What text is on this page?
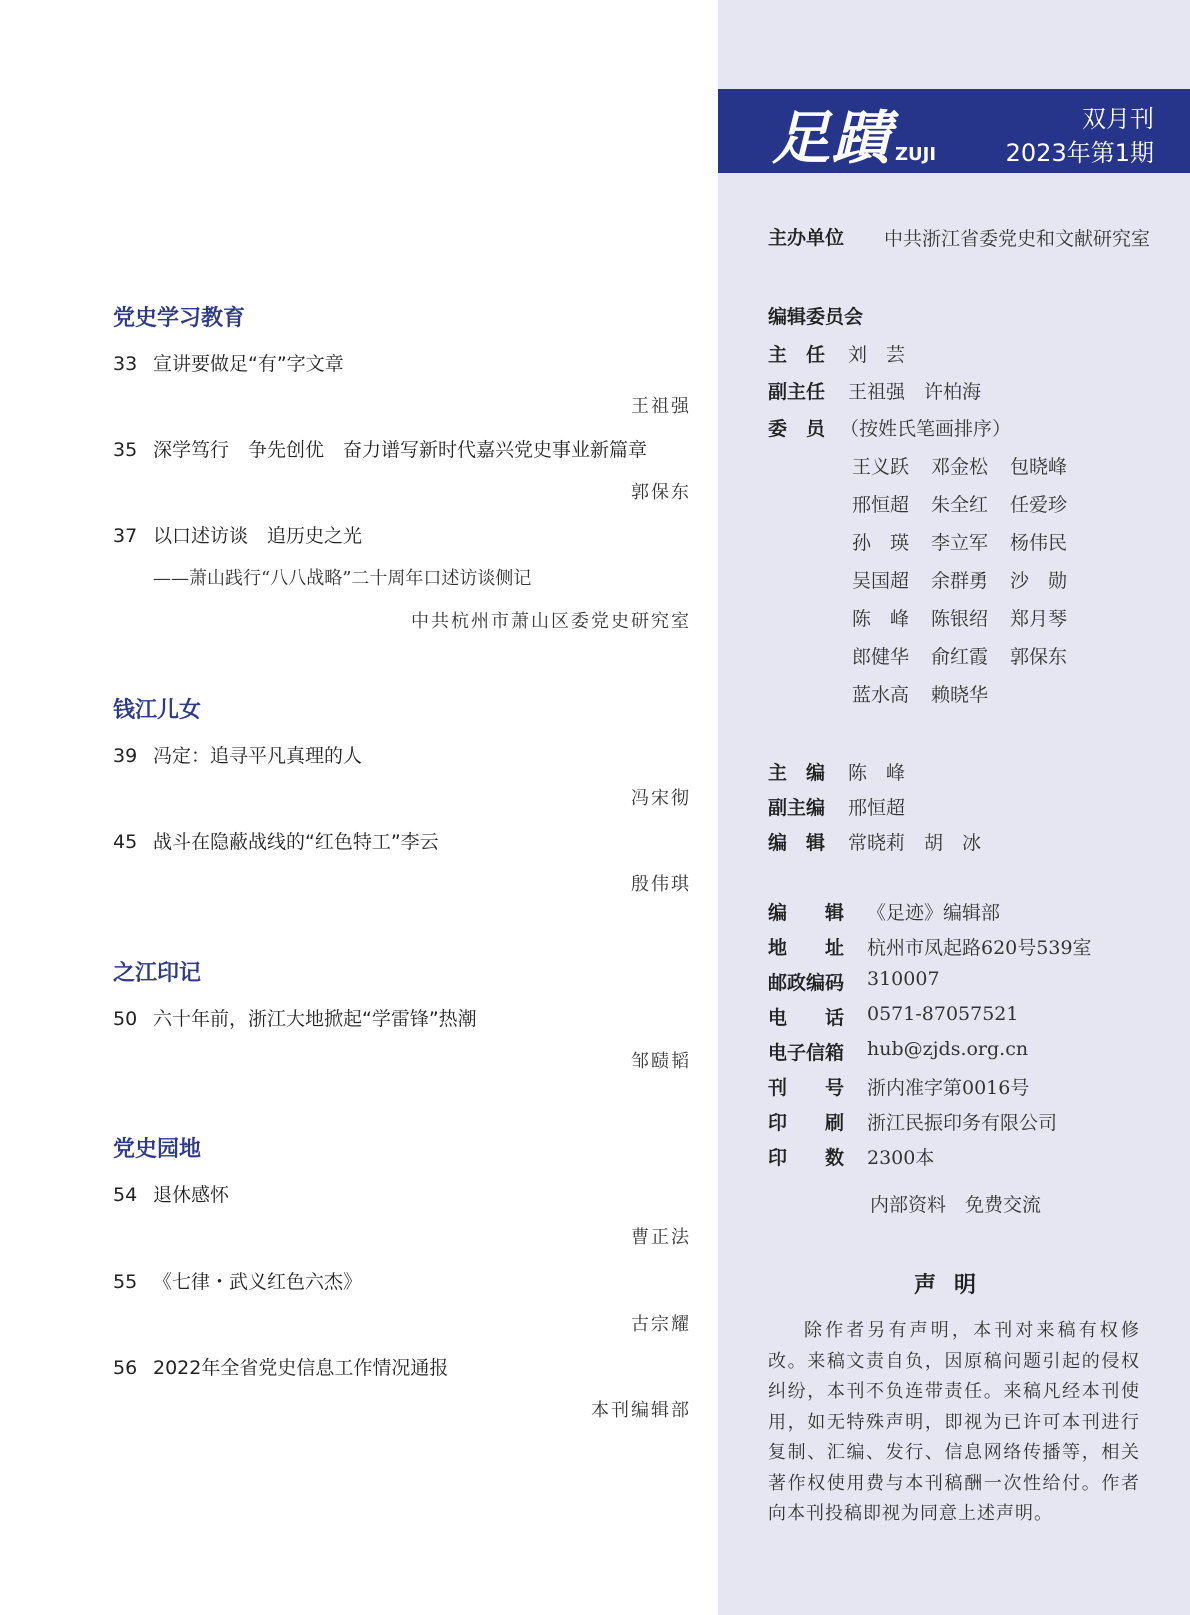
党史学习教育
33 宣讲要做足“有”字文章
王祖强
35 深学笃行　争先创优　奋力谱写新时代嘉兴党史事业新篇章
郭保东
37 以口述访谈　追历史之光
——萧山践行“八八战略”二十周年口述访谈侧记
中共杭州市萧山区委党史研究室
钱江儿女
39 冯定：追寻平凡真理的人
冯宋彻
45 战斗在隐蔽战线的“红色特工”李云
殷伟琪
之江印记
50 六十年前，浙江大地掀起“学雷锋”热潮
邹赜韬
党史园地
54 退休感怀
曹正法
55 《七律・武义红色六杰》
古宗耀
56 2022年全省党史信息工作情况通报
本刊编辑部
足蹟 ZUJI
双月刊
2023年第1期
主办单位 中共浙江省委党史和文献研究室
编辑委员会
主　任 刘　芸
副主任 王祖强　许柏海
委　员 （按姓氏笔画排序）
王义跃 邓金松 包晓峰
邢恒超 朱全红 任爱珍
孙　瑛 李立军 杨伟民
吴国超 余群勇 沙　勋
陈　峰 陈银绍 郑月琴
郎健华 俞红霞 郭保东
蓝水高 赖晓华
主　编 陈　峰
副主编 邢恒超
编　辑 常晓莉　胡　冰
编　　辑 《足迹》编辑部
地　　址 杭州市凤起路620号539室
邮政编码 310007
电　　话 0571-87057521
电子信箱 hub@zjds.org.cn
刊　　号 浙内准字第0016号
印　　刷 浙江民振印务有限公司
印　　数 2300本
内部资料　免费交流
声明
除作者另有声明，本刊对来稿有权修改。来稿文责自负，因原稿问题引起的侵权纠纷，本刊不负连带责任。来稿凡经本刊使用，如无特殊声明，即视为已许可本刊进行复制、汇编、发行、信息网络传播等，相关著作权使用费与本刊稿酬一次性给付。作者向本刊投稿即视为同意上述声明。
